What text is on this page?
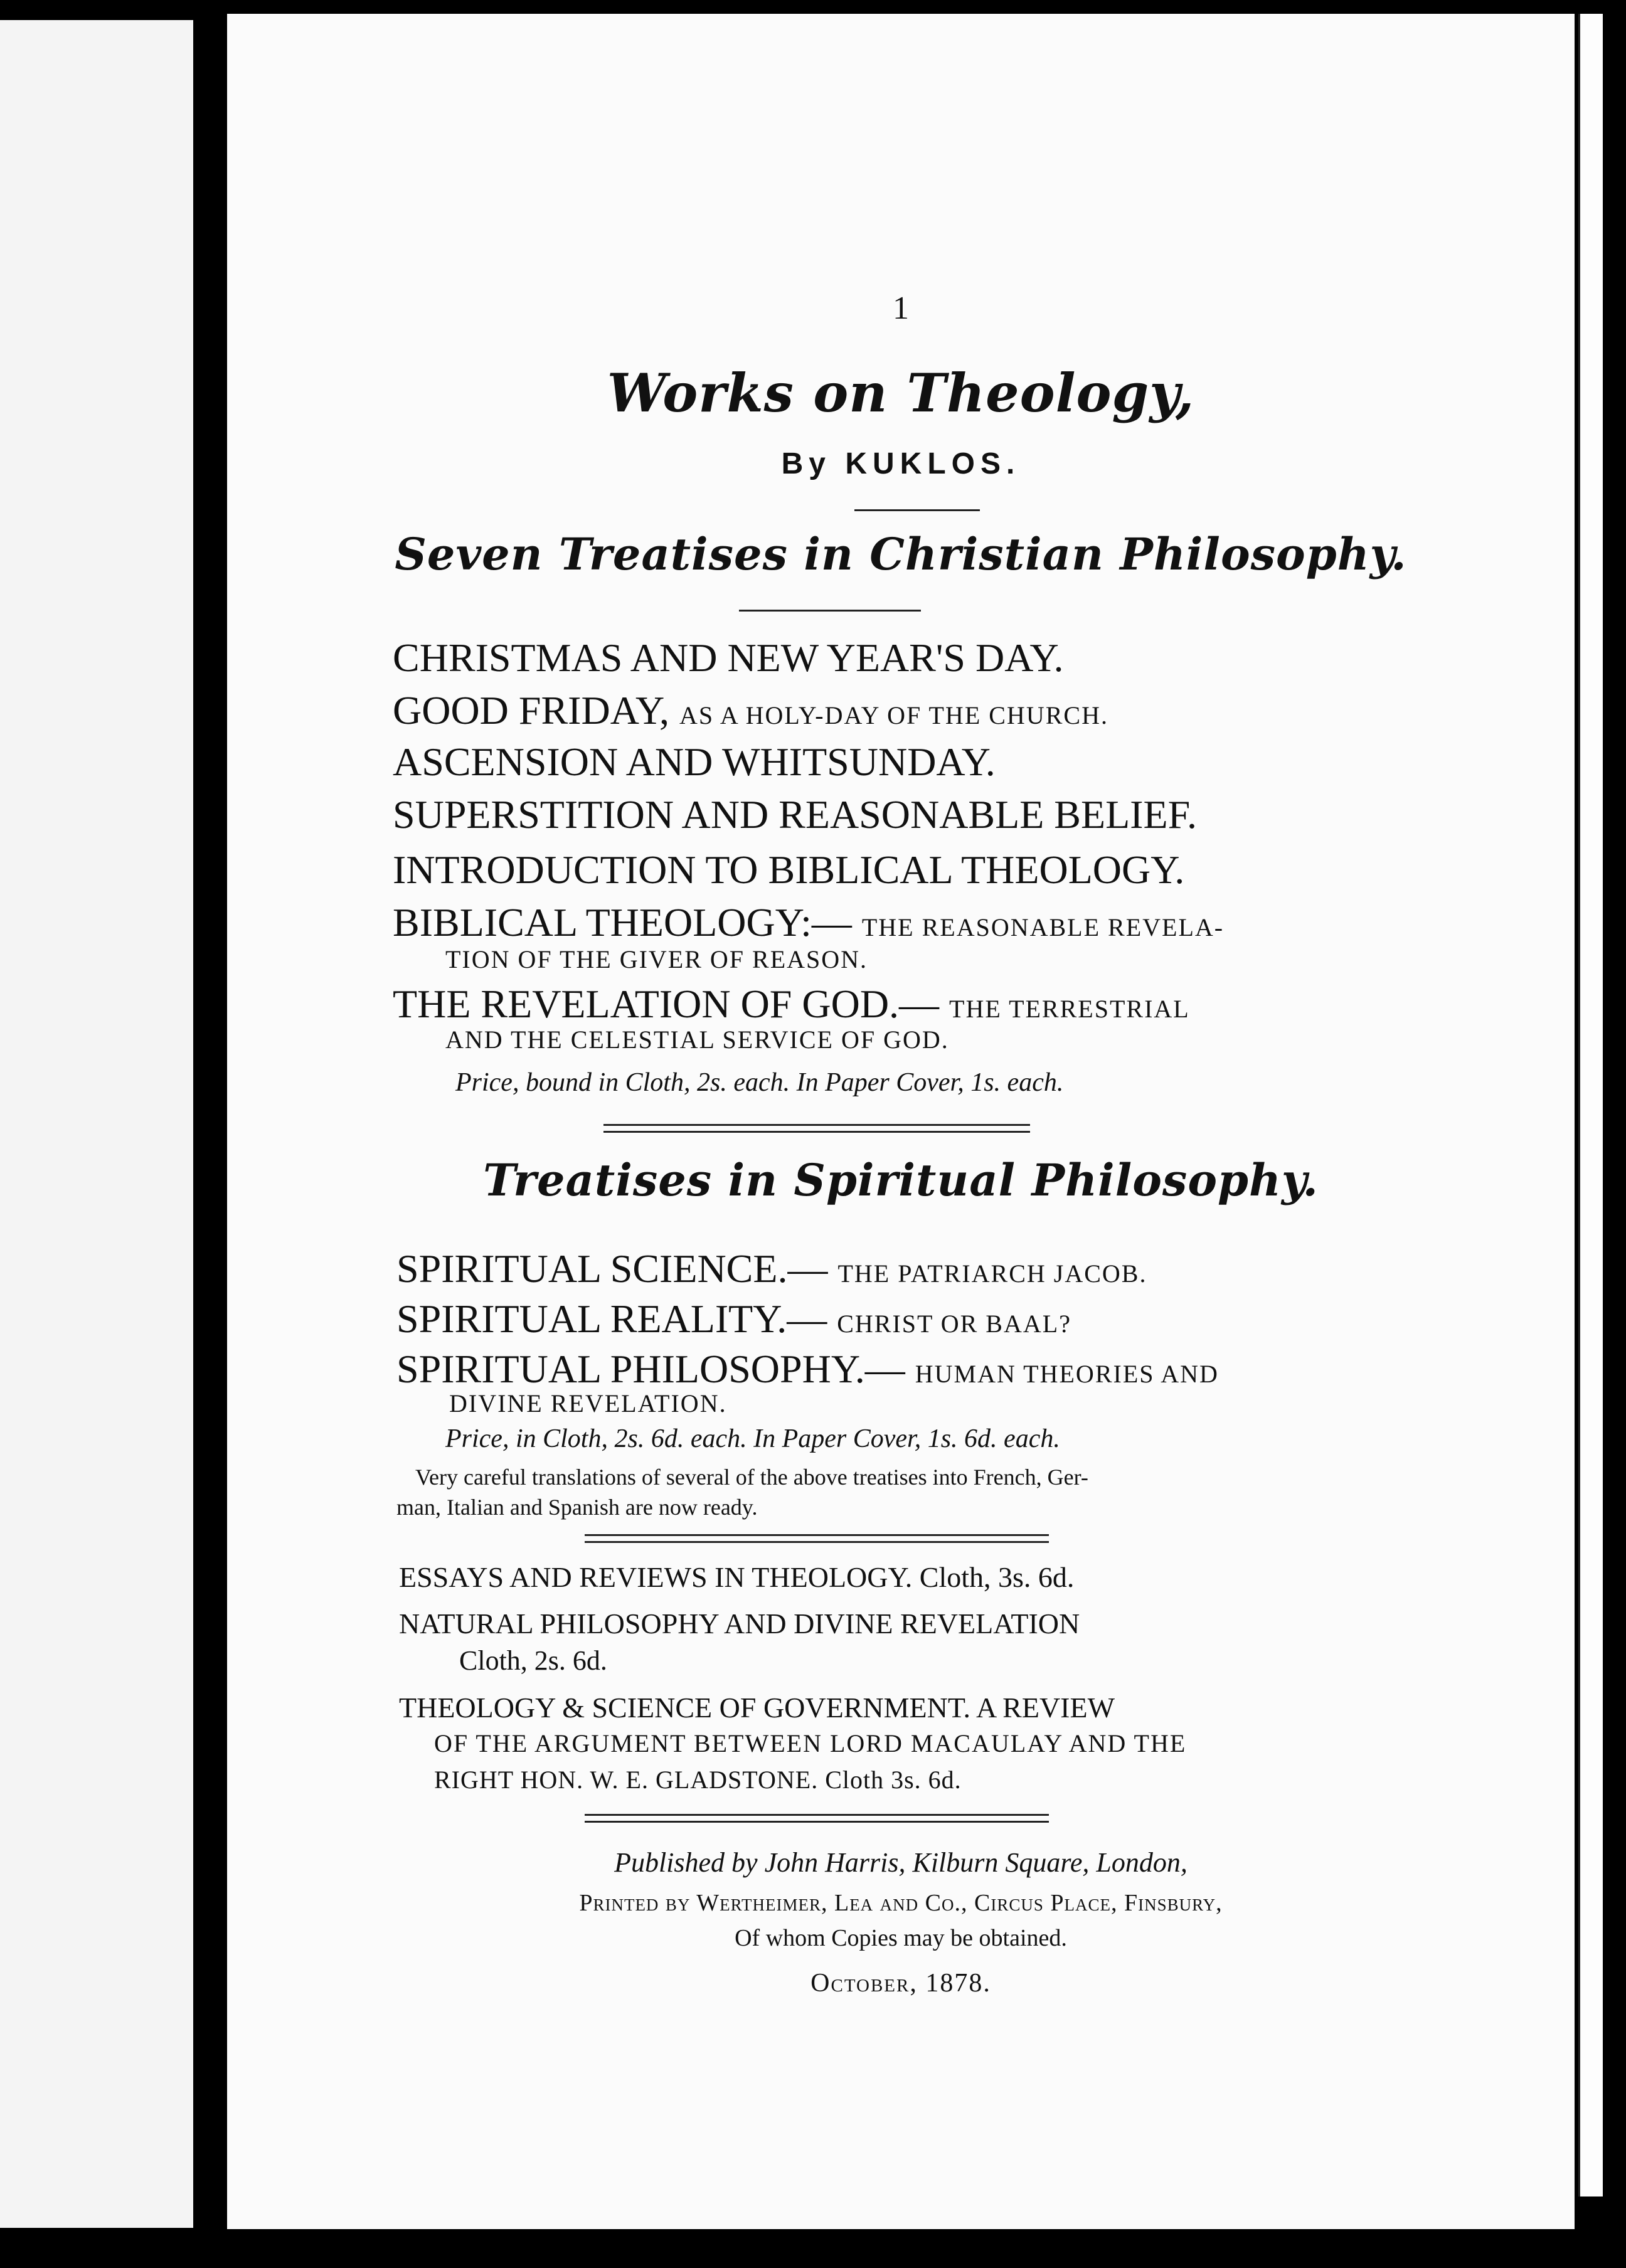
1
Works on Theology,
By KUKLOS.
Seven Treatises in Christian Philosophy.
CHRISTMAS AND NEW YEAR'S DAY.
GOOD FRIDAY, AS A HOLY-DAY OF THE CHURCH.
ASCENSION AND WHITSUNDAY.
SUPERSTITION AND REASONABLE BELIEF.
INTRODUCTION TO BIBLICAL THEOLOGY.
BIBLICAL THEOLOGY:— THE REASONABLE REVELA-
TION OF THE GIVER OF REASON.
THE REVELATION OF GOD.— THE TERRESTRIAL
AND THE CELESTIAL SERVICE OF GOD.
Price, bound in Cloth, 2s. each. In Paper Cover, 1s. each.
Treatises in Spiritual Philosophy.
SPIRITUAL SCIENCE.— THE PATRIARCH JACOB.
SPIRITUAL REALITY.— CHRIST OR BAAL?
SPIRITUAL PHILOSOPHY.— HUMAN THEORIES AND
DIVINE REVELATION.
Price, in Cloth, 2s. 6d. each. In Paper Cover, 1s. 6d. each.
Very careful translations of several of the above treatises into French, Ger-
man, Italian and Spanish are now ready.
ESSAYS AND REVIEWS IN THEOLOGY. Cloth, 3s. 6d.
NATURAL PHILOSOPHY AND DIVINE REVELATION
Cloth, 2s. 6d.
THEOLOGY & SCIENCE OF GOVERNMENT. A REVIEW
OF THE ARGUMENT BETWEEN LORD MACAULAY AND THE
RIGHT HON. W. E. GLADSTONE. Cloth 3s. 6d.
Published by John Harris, Kilburn Square, London,
Printed by Wertheimer, Lea and Co., Circus Place, Finsbury,
Of whom Copies may be obtained.
October, 1878.
